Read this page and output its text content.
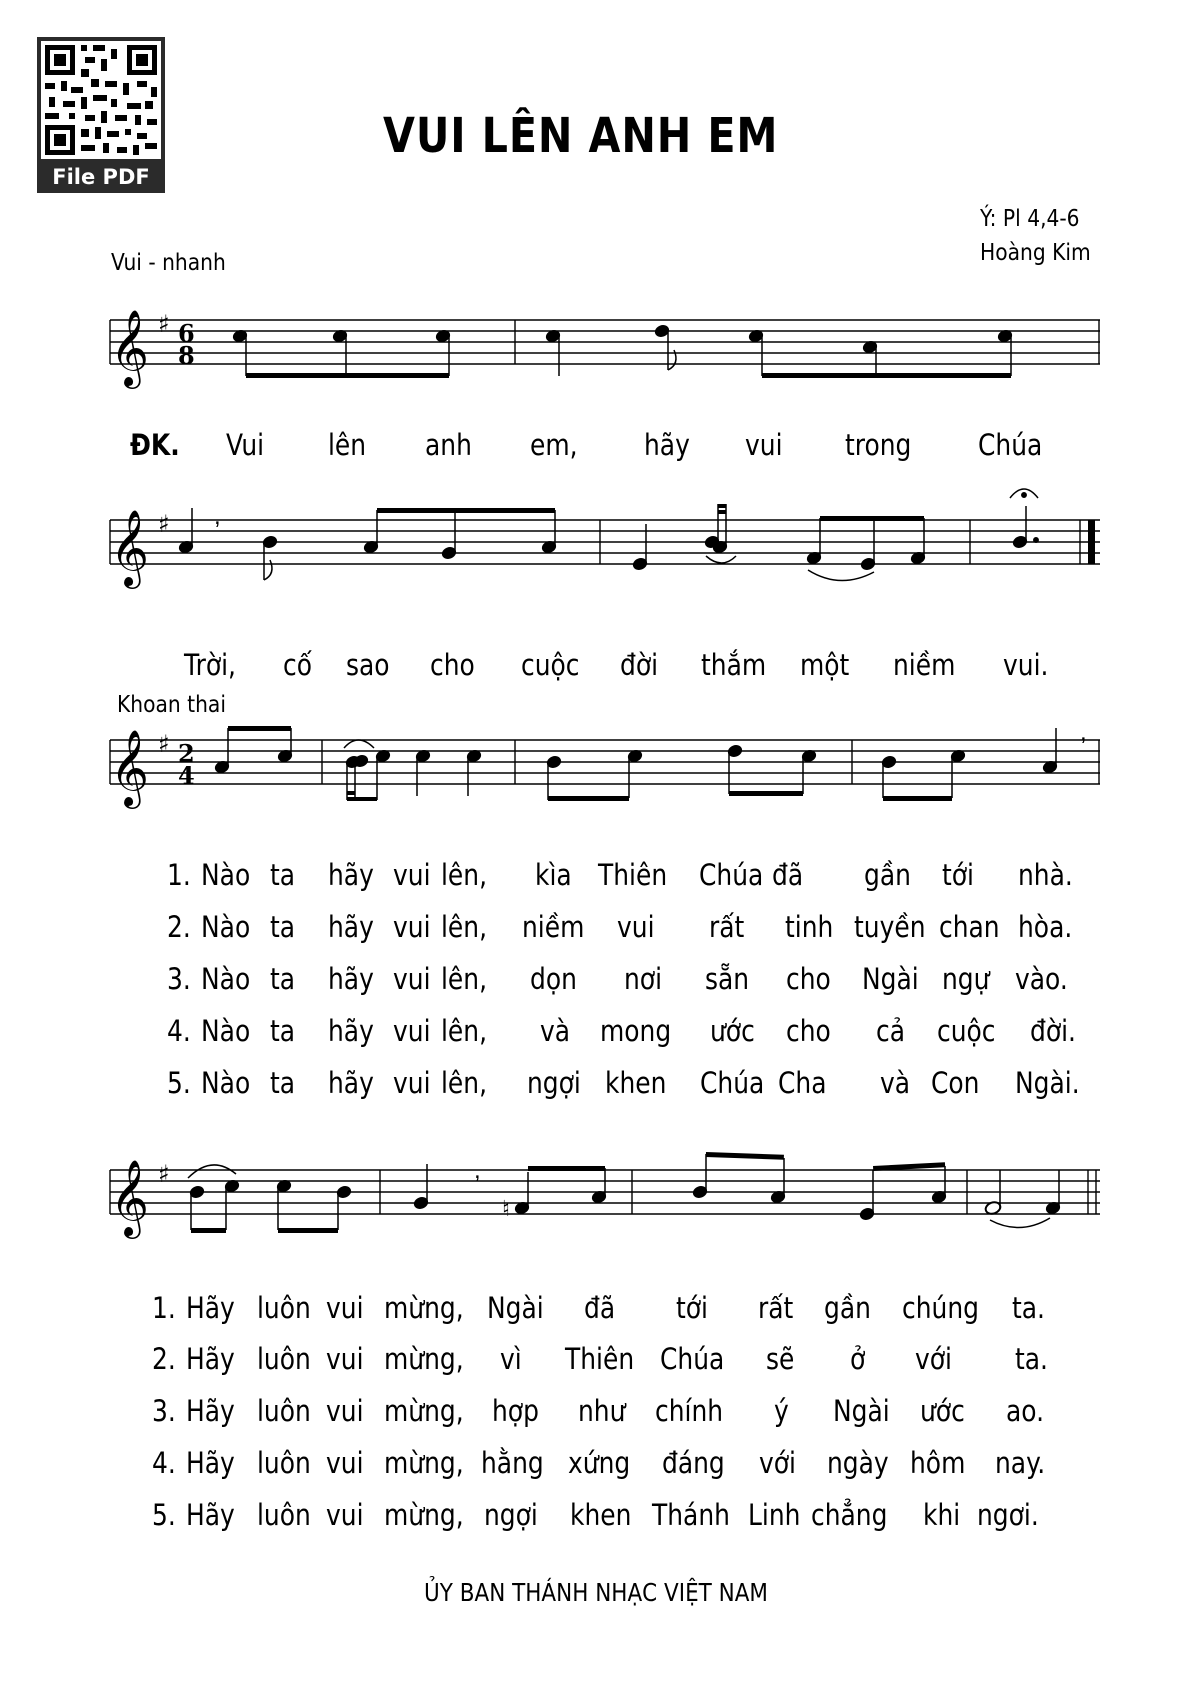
File PDF
VUI LÊN ANH EM
Ý: Pl 4,4-6
Hoàng Kim
Vui - nhanh
Khoan thai
𝄞 ♯ 6
8
ĐK. Vui lên anh em, hãy vui trong Chúa
𝄞 ♯ ,
Trời, cố sao cho cuộc đời thắm một niềm vui.
𝄞 ♯ 2
4
,
𝄞 ♯	,
♮
ỦY BAN THÁNH NHẠC VIỆT NAM
1. Nào ta hãy vui lên, kìa Thiên Chúa đã gần tới nhà.
2. Nào ta hãy vui lên, niềm vui rất tinh tuyền chan hòa.
3. Nào ta hãy vui lên, dọn nơi sẵn cho Ngài ngự vào.
4. Nào ta hãy vui lên, và mong ước cho cả cuộc đời.
5. Nào ta hãy vui lên, ngợi khen Chúa Cha và Con Ngài.
1. Hãy luôn vui mừng, Ngài đã tới rất gần chúng ta.
2. Hãy luôn vui mừng, vì Thiên Chúa sẽ ở với ta.
3. Hãy luôn vui mừng, hợp như chính ý Ngài ước ao.
4. Hãy luôn vui mừng, hằng xứng đáng với ngày hôm nay.
5. Hãy luôn vui mừng, ngợi khen Thánh Linh chẳng khi ngơi.
